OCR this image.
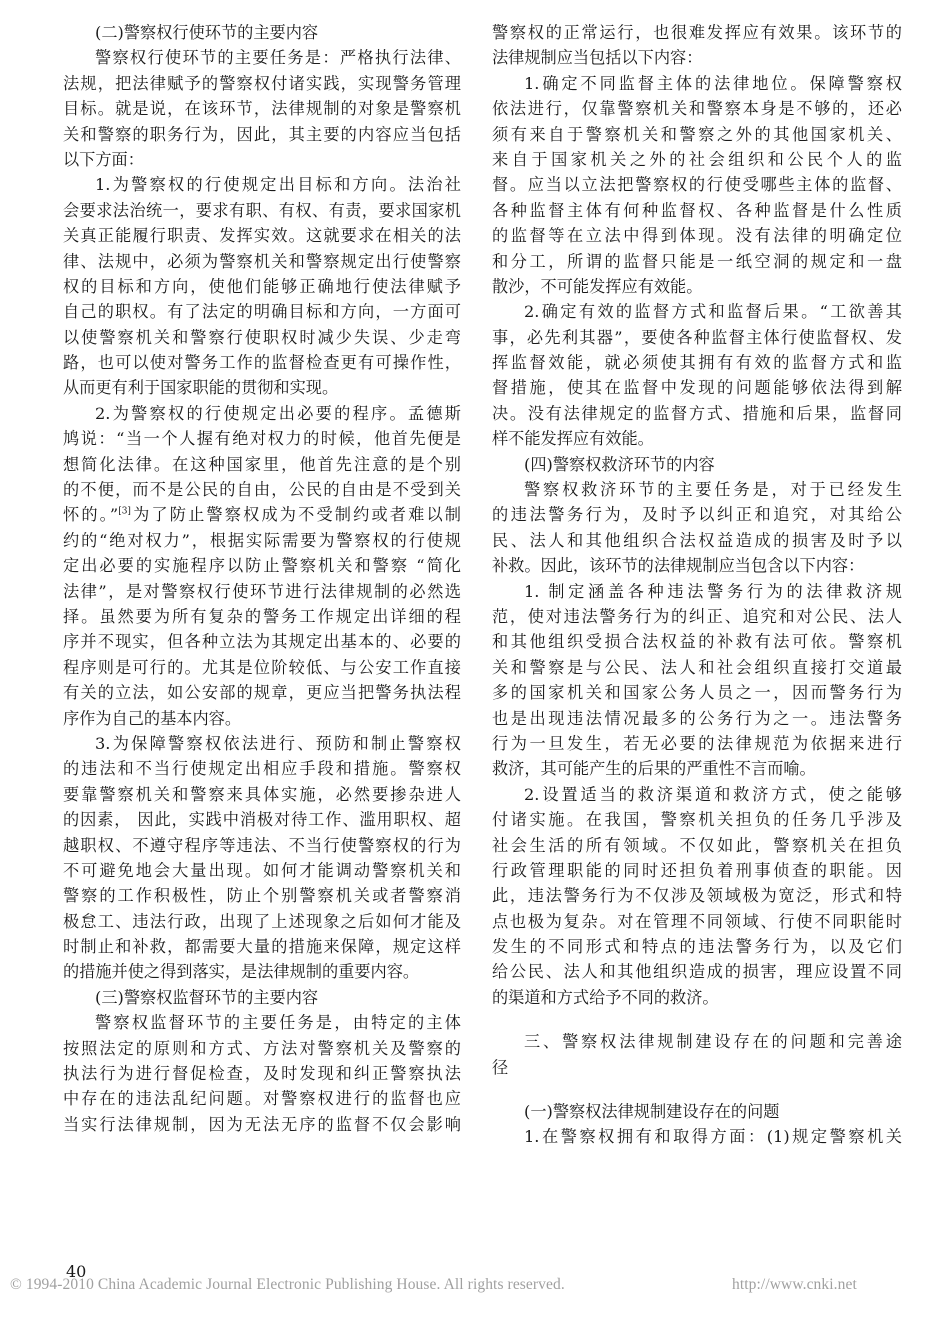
(二)警察权行使环节的主要内容
警察权行使环节的主要任务是：严格执行法律、
法规，把法律赋予的警察权付诸实践，实现警务管理
目标。就是说，在该环节，法律规制的对象是警察机
关和警察的职务行为，因此，其主要的内容应当包括
以下方面：
1.为警察权的行使规定出目标和方向。法治社
会要求法治统一，要求有职、有权、有责，要求国家机
关真正能履行职责、发挥实效。这就要求在相关的法
律、法规中，必须为警察机关和警察规定出行使警察
权的目标和方向，使他们能够正确地行使法律赋予
自己的职权。有了法定的明确目标和方向，一方面可
以使警察机关和警察行使职权时减少失误、少走弯
路，也可以使对警务工作的监督检查更有可操作性，
从而更有利于国家职能的贯彻和实现。
2.为警察权的行使规定出必要的程序。孟德斯
鸠说：“当一个人握有绝对权力的时候，他首先便是
想简化法律。在这种国家里，他首先注意的是个别
的不便，而不是公民的自由，公民的自由是不受到关
怀的。”[3]为了防止警察权成为不受制约或者难以制
约的“绝对权力”，根据实际需要为警察权的行使规
定出必要的实施程序以防止警察机关和警察 “简化
法律”，是对警察权行使环节进行法律规制的必然选
择。虽然要为所有复杂的警务工作规定出详细的程
序并不现实，但各种立法为其规定出基本的、必要的
程序则是可行的。尤其是位阶较低、与公安工作直接
有关的立法，如公安部的规章，更应当把警务执法程
序作为自己的基本内容。
3.为保障警察权依法进行、预防和制止警察权
的违法和不当行使规定出相应手段和措施。警察权
要靠警察机关和警察来具体实施，必然要掺杂进人
的因素， 因此，实践中消极对待工作、滥用职权、超
越职权、不遵守程序等违法、不当行使警察权的行为
不可避免地会大量出现。如何才能调动警察机关和
警察的工作积极性，防止个别警察机关或者警察消
极怠工、违法行政，出现了上述现象之后如何才能及
时制止和补救，都需要大量的措施来保障，规定这样
的措施并使之得到落实，是法律规制的重要内容。
(三)警察权监督环节的主要内容
警察权监督环节的主要任务是，由特定的主体
按照法定的原则和方式、方法对警察机关及警察的
执法行为进行督促检查，及时发现和纠正警察执法
中存在的违法乱纪问题。对警察权进行的监督也应
当实行法律规制，因为无法无序的监督不仅会影响
警察权的正常运行，也很难发挥应有效果。该环节的
法律规制应当包括以下内容：
1.确定不同监督主体的法律地位。保障警察权
依法进行，仅靠警察机关和警察本身是不够的，还必
须有来自于警察机关和警察之外的其他国家机关、
来自于国家机关之外的社会组织和公民个人的监
督。应当以立法把警察权的行使受哪些主体的监督、
各种监督主体有何种监督权、各种监督是什么性质
的监督等在立法中得到体现。没有法律的明确定位
和分工，所谓的监督只能是一纸空洞的规定和一盘
散沙，不可能发挥应有效能。
2.确定有效的监督方式和监督后果。“工欲善其
事，必先利其器”，要使各种监督主体行使监督权、发
挥监督效能，就必须使其拥有有效的监督方式和监
督措施，使其在监督中发现的问题能够依法得到解
决。没有法律规定的监督方式、措施和后果，监督同
样不能发挥应有效能。
(四)警察权救济环节的内容
警察权救济环节的主要任务是，对于已经发生
的违法警务行为，及时予以纠正和追究，对其给公
民、法人和其他组织合法权益造成的损害及时予以
补救。因此，该环节的法律规制应当包含以下内容：
1. 制定涵盖各种违法警务行为的法律救济规
范，使对违法警务行为的纠正、追究和对公民、法人
和其他组织受损合法权益的补救有法可依。警察机
关和警察是与公民、法人和社会组织直接打交道最
多的国家机关和国家公务人员之一，因而警务行为
也是出现违法情况最多的公务行为之一。违法警务
行为一旦发生，若无必要的法律规范为依据来进行
救济，其可能产生的后果的严重性不言而喻。
2.设置适当的救济渠道和救济方式，使之能够
付诸实施。在我国，警察机关担负的任务几乎涉及
社会生活的所有领域。不仅如此，警察机关在担负
行政管理职能的同时还担负着刑事侦查的职能。因
此，违法警务行为不仅涉及领域极为宽泛，形式和特
点也极为复杂。对在管理不同领域、行使不同职能时
发生的不同形式和特点的违法警务行为，以及它们
给公民、法人和其他组织造成的损害，理应设置不同
的渠道和方式给予不同的救济。
三、警察权法律规制建设存在的问题和完善途
径
(一)警察权法律规制建设存在的问题
1.在警察权拥有和取得方面：(1)规定警察机关
40
© 1994-2010 China Academic Journal Electronic Publishing House. All rights reserved.	http://www.cnki.net
